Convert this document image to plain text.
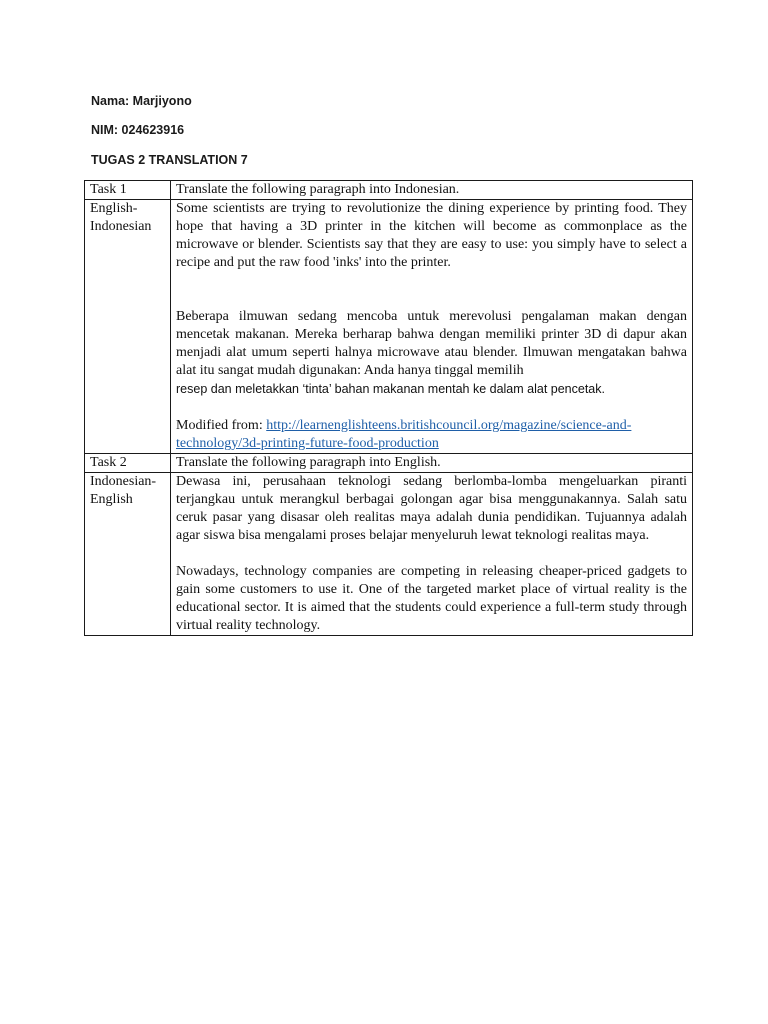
Nama: Marjiyono
NIM: 024623916
TUGAS 2 TRANSLATION 7
Task 1	Translate the following paragraph into Indonesian.
English-Indonesian	Some scientists are trying to revolutionize the dining experience by printing food. They hope that having a 3D printer in the kitchen will become as commonplace as the microwave or blender. Scientists say that they are easy to use: you simply have to select a recipe and put the raw food 'inks' into the printer.

Beberapa ilmuwan sedang mencoba untuk merevolusi pengalaman makan dengan mencetak makanan. Mereka berharap bahwa dengan memiliki printer 3D di dapur akan menjadi alat umum seperti halnya microwave atau blender. Ilmuwan mengatakan bahwa alat itu sangat mudah digunakan: Anda hanya tinggal memilih
resep dan meletakkan ‘tinta’ bahan makanan mentah ke dalam alat pencetak.

Modified from: http://learnenglishteens.britishcouncil.org/magazine/science-and-technology/3d-printing-future-food-production

Task 2	Translate the following paragraph into English.
Indonesian-English	Dewasa ini, perusahaan teknologi sedang berlomba-lomba mengeluarkan piranti terjangkau untuk merangkul berbagai golongan agar bisa menggunakannya. Salah satu ceruk pasar yang disasar oleh realitas maya adalah dunia pendidikan. Tujuannya adalah agar siswa bisa mengalami proses belajar menyeluruh lewat teknologi realitas maya.

Nowadays, technology companies are competing in releasing cheaper-priced gadgets to gain some customers to use it. One of the targeted market place of virtual reality is the educational sector. It is aimed that the students could experience a full-term study through virtual reality technology.
